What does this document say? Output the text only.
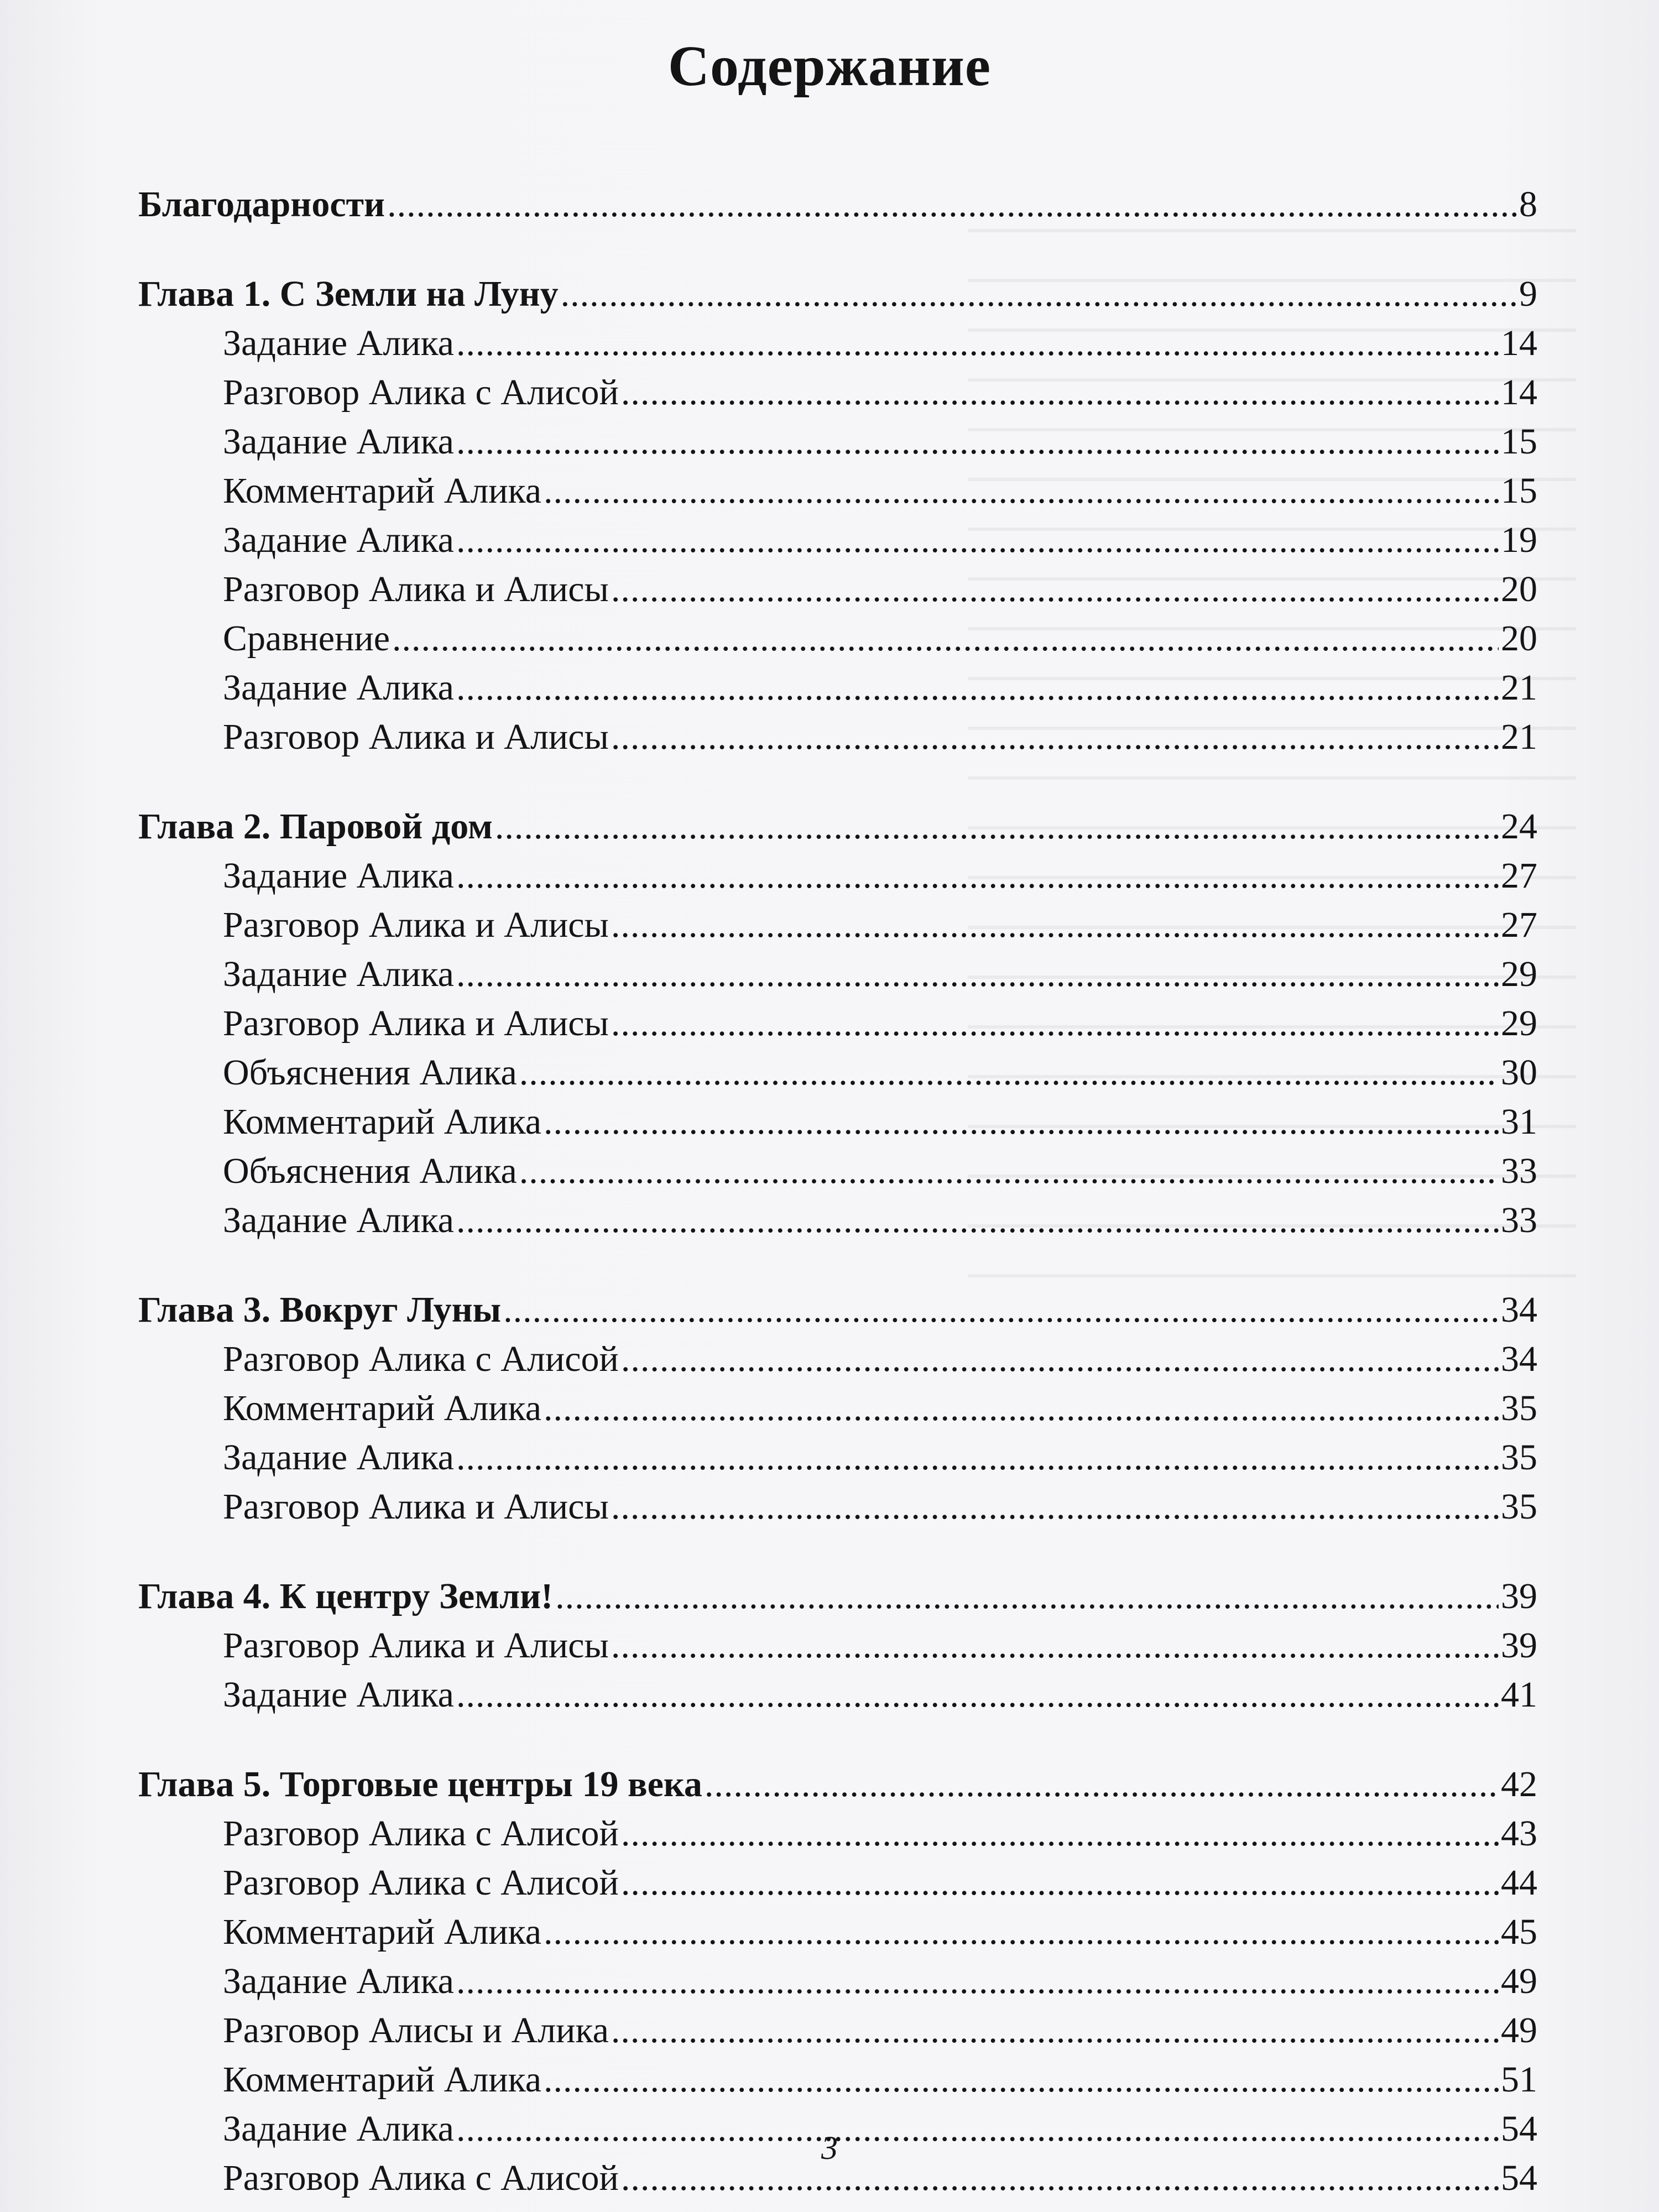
Содержание
Благодарности .....	8
Глава 1. С Земли на Луну .....	9
Задание Алика .....	14
Разговор Алика с Алисой .....	14
Задание Алика .....	15
Комментарий Алика .....	15
Задание Алика .....	19
Разговор Алика и Алисы .....	20
Сравнение .....	20
Задание Алика .....	21
Разговор Алика и Алисы .....	21
Глава 2. Паровой дом .....	24
Задание Алика .....	27
Разговор Алика и Алисы .....	27
Задание Алика .....	29
Разговор Алика и Алисы .....	29
Объяснения Алика .....	30
Комментарий Алика .....	31
Объяснения Алика .....	33
Задание Алика .....	33
Глава 3. Вокруг Луны .....	34
Разговор Алика с Алисой .....	34
Комментарий Алика .....	35
Задание Алика .....	35
Разговор Алика и Алисы .....	35
Глава 4. К центру Земли! .....	39
Разговор Алика и Алисы .....	39
Задание Алика .....	41
Глава 5. Торговые центры 19 века .....	42
Разговор Алика с Алисой .....	43
Разговор Алика с Алисой .....	44
Комментарий Алика .....	45
Задание Алика .....	49
Разговор Алисы и Алика .....	49
Комментарий Алика .....	51
Задание Алика .....	54
Разговор Алика с Алисой .....	54
3
